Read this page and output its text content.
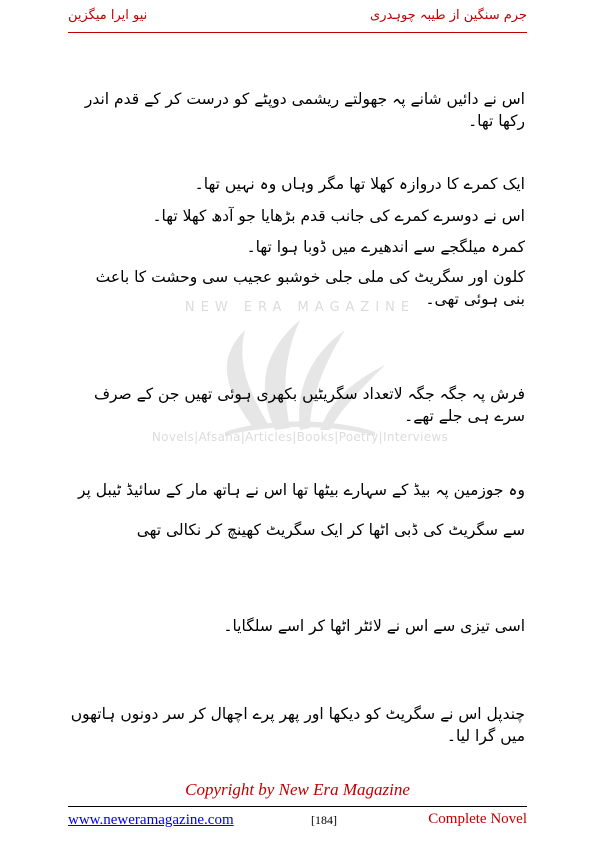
نیو ایرا میگزین	جرم سنگین از طیبہ چوہدری
NEW ERA MAGAZINE
Novels|Afsana|Articles|Books|Poetry|Interviews
اس نے دائیں شانے پہ جھولتے ریشمی دوپٹے کو درست کر کے قدم اندر رکھا تھا۔
ایک کمرے کا دروازہ کھلا تھا مگر وہاں وہ نہیں تھا۔
اس نے دوسرے کمرے کی جانب قدم بڑھایا جو آدھ کھلا تھا۔
کمرہ میلگجے سے اندھیرے میں ڈوبا ہوا تھا۔
کلون اور سگریٹ کی ملی جلی خوشبو عجیب سی وحشت کا باعث بنی ہوئی تھی۔
فرش پہ جگہ جگہ لاتعداد سگریٹیں بکھری ہوئی تھیں جن کے صرف سرے ہی جلے تھے۔
وہ جوزمین پہ بیڈ کے سہارے بیٹھا تھا اس نے ہاتھ مار کے سائیڈ ٹیبل پر سے سگریٹ کی ڈبی اٹھا کر ایک سگریٹ کھینچ کر نکالی تھی
اسی تیزی سے اس نے لائٹر اٹھا کر اسے سلگایا۔
چندپل اس نے سگریٹ کو دیکھا اور پھر پرے اچھال کر سر دونوں ہاتھوں میں گرا لیا۔
Copyright by New Era Magazine
www.neweramagazine.com	[184]	Complete Novel
